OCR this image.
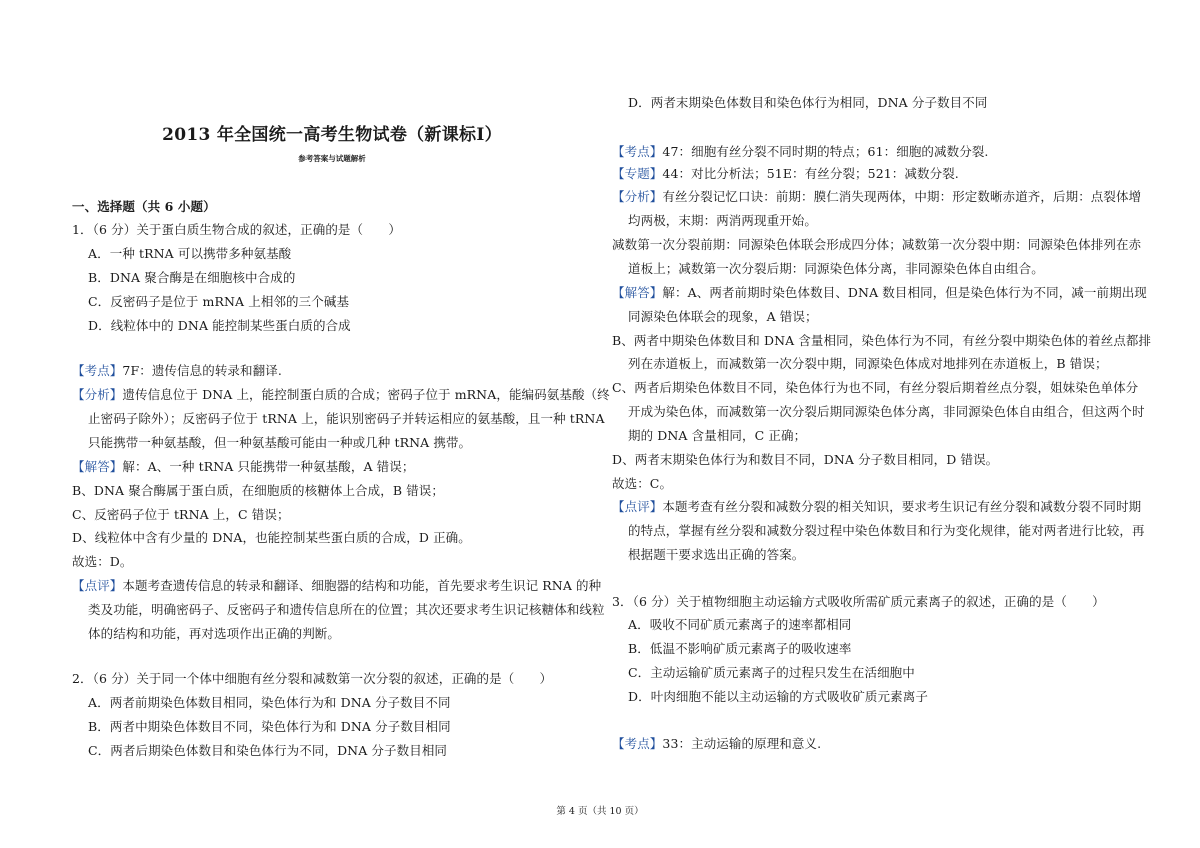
2013 年全国统一高考生物试卷（新课标Ⅰ）
参考答案与试题解析
一、选择题（共 6 小题）
1．（6 分）关于蛋白质生物合成的叙述，正确的是（　　）
A．一种 tRNA 可以携带多种氨基酸
B．DNA 聚合酶是在细胞核中合成的
C．反密码子是位于 mRNA 上相邻的三个碱基
D．线粒体中的 DNA 能控制某些蛋白质的合成
【考点】7F：遗传信息的转录和翻译.
【分析】遗传信息位于 DNA 上，能控制蛋白质的合成；密码子位于 mRNA，能编码氨基酸（终
止密码子除外）；反密码子位于 tRNA 上，能识别密码子并转运相应的氨基酸，且一种 tRNA
只能携带一种氨基酸，但一种氨基酸可能由一种或几种 tRNA 携带。
【解答】解：A、一种 tRNA 只能携带一种氨基酸，A 错误；
B、DNA 聚合酶属于蛋白质，在细胞质的核糖体上合成，B 错误；
C、反密码子位于 tRNA 上，C 错误；
D、线粒体中含有少量的 DNA，也能控制某些蛋白质的合成，D 正确。
故选：D。
【点评】本题考查遗传信息的转录和翻译、细胞器的结构和功能，首先要求考生识记 RNA 的种
类及功能，明确密码子、反密码子和遗传信息所在的位置；其次还要求考生识记核糖体和线粒
体的结构和功能，再对选项作出正确的判断。
2．（6 分）关于同一个体中细胞有丝分裂和减数第一次分裂的叙述，正确的是（　　）
A．两者前期染色体数目相同，染色体行为和 DNA 分子数目不同
B．两者中期染色体数目不同，染色体行为和 DNA 分子数目相同
C．两者后期染色体数目和染色体行为不同，DNA 分子数目相同
D．两者末期染色体数目和染色体行为相同，DNA 分子数目不同
【考点】47：细胞有丝分裂不同时期的特点；61：细胞的减数分裂.
【专题】44：对比分析法；51E：有丝分裂；521：减数分裂.
【分析】有丝分裂记忆口诀：前期：膜仁消失现两体，中期：形定数晰赤道齐，后期：点裂体增
均两极，末期：两消两现重开始。
减数第一次分裂前期：同源染色体联会形成四分体；减数第一次分裂中期：同源染色体排列在赤
道板上；减数第一次分裂后期：同源染色体分离，非同源染色体自由组合。
【解答】解：A、两者前期时染色体数目、DNA 数目相同，但是染色体行为不同，减一前期出现
同源染色体联会的现象，A 错误；
B、两者中期染色体数目和 DNA 含量相同，染色体行为不同，有丝分裂中期染色体的着丝点都排
列在赤道板上，而减数第一次分裂中期，同源染色体成对地排列在赤道板上，B 错误；
C、两者后期染色体数目不同，染色体行为也不同，有丝分裂后期着丝点分裂，姐妹染色单体分
开成为染色体，而减数第一次分裂后期同源染色体分离，非同源染色体自由组合，但这两个时
期的 DNA 含量相同，C 正确；
D、两者末期染色体行为和数目不同，DNA 分子数目相同，D 错误。
故选：C。
【点评】本题考查有丝分裂和减数分裂的相关知识，要求考生识记有丝分裂和减数分裂不同时期
的特点，掌握有丝分裂和减数分裂过程中染色体数目和行为变化规律，能对两者进行比较，再
根据题干要求选出正确的答案。
3．（6 分）关于植物细胞主动运输方式吸收所需矿质元素离子的叙述，正确的是（　　）
A．吸收不同矿质元素离子的速率都相同
B．低温不影响矿质元素离子的吸收速率
C．主动运输矿质元素离子的过程只发生在活细胞中
D．叶肉细胞不能以主动运输的方式吸收矿质元素离子
【考点】33：主动运输的原理和意义.
第 4 页（共 10 页）
